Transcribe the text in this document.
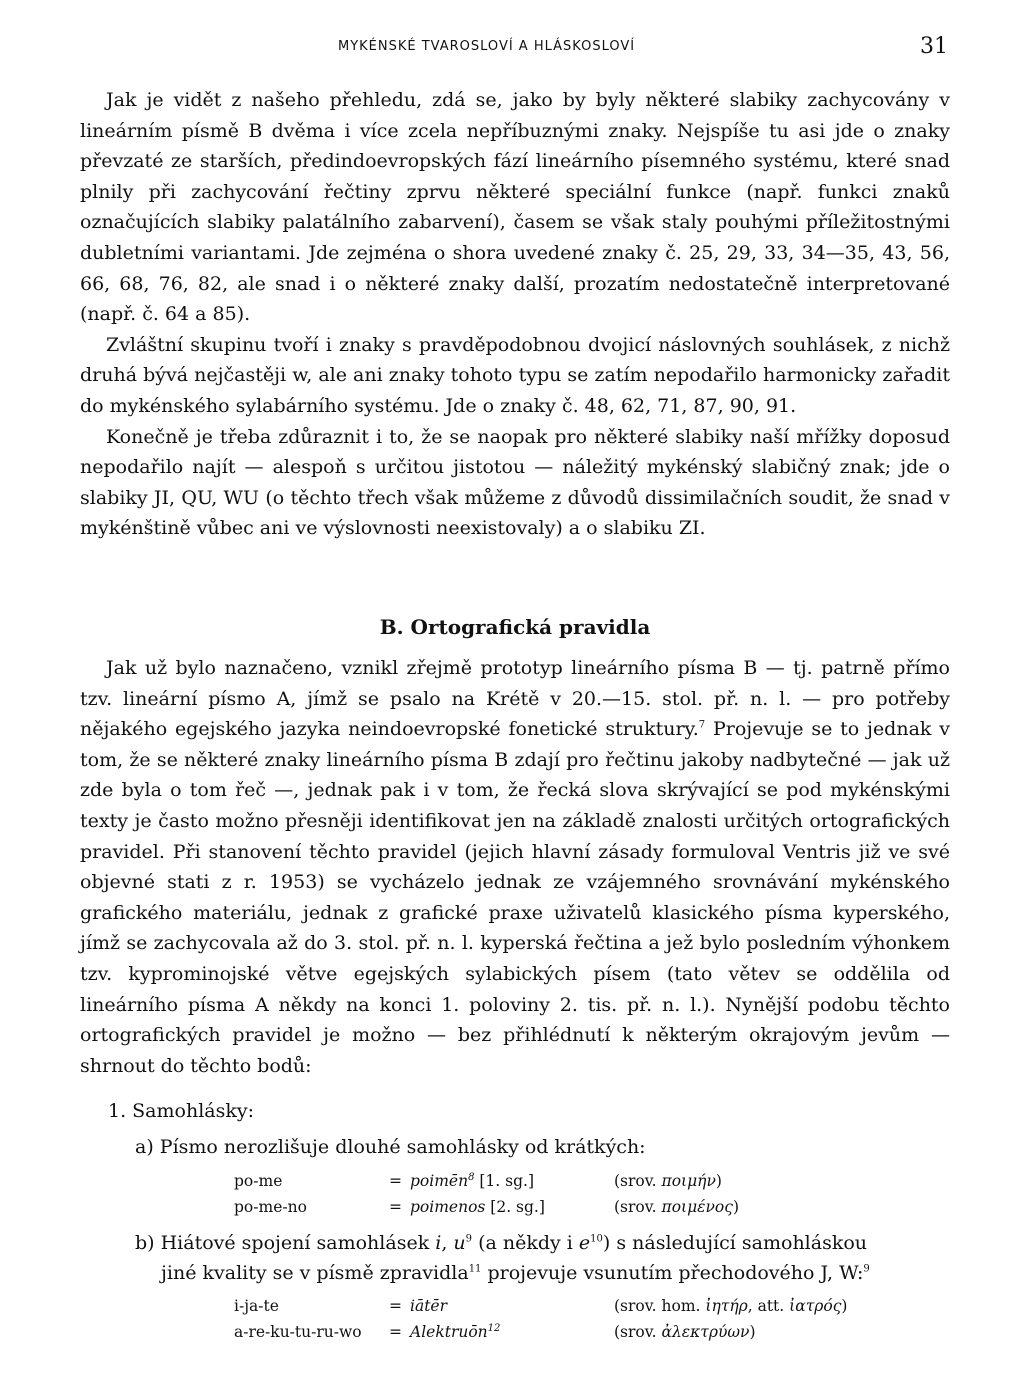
MYKÉNSKÉ TVAROSLOVÍ A HLÁSKOSLOVÍ	31

Jak je vidět z našeho přehledu, zdá se, jako by byly některé slabiky zachycovány v lineárním písmě B dvěma i více zcela nepříbuznými znaky. Nejspíše tu asi jde o znaky převzaté ze starších, předindoevropských fází lineárního písemného systému, které snad plnily při zachycování řečtiny zprvu některé speciální funkce (např. funkci znaků označujících slabiky palatálního zabarvení), časem se však staly pouhými příležitostnými dubletními variantami. Jde zejména o shora uvedené znaky č. 25, 29, 33, 34—35, 43, 56, 66, 68, 76, 82, ale snad i o některé znaky další, prozatím nedostatečně interpretované (např. č. 64 a 85).

Zvláštní skupinu tvoří i znaky s pravděpodobnou dvojicí náslovných souhlásek, z nichž druhá bývá nejčastěji w, ale ani znaky tohoto typu se zatím nepodařilo harmonicky zařadit do mykénského sylabárního systému. Jde o znaky č. 48, 62, 71, 87, 90, 91.

Konečně je třeba zdůraznit i to, že se naopak pro některé slabiky naší mřížky doposud nepodařilo najít — alespoň s určitou jistotou — náležitý mykénský slabičný znak; jde o slabiky JI, QU, WU (o těchto třech však můžeme z důvodů dissimilačních soudit, že snad v mykénštině vůbec ani ve výslovnosti neexistovaly) a o slabiku ZI.

B. Ortografická pravidla

Jak už bylo naznačeno, vznikl zřejmě prototyp lineárního písma B — tj. patrně přímo tzv. lineární písmo A, jímž se psalo na Krétě v 20.—15. stol. př. n. l. — pro potřeby nějakého egejského jazyka neindoevropské fonetické struktury.$^7$ Projevuje se to jednak v tom, že se některé znaky lineárního písma B zdají pro řečtinu jakoby nadbytečné — jak už zde byla o tom řeč —, jednak pak i v tom, že řecká slova skrývající se pod mykénskými texty je často možno přesněji identifikovat jen na základě znalosti určitých ortografických pravidel. Při stanovení těchto pravidel (jejich hlavní zásady formuloval Ventris již ve své objevné stati z r. 1953) se vycházelo jednak ze vzájemného srovnávání mykénského grafického materiálu, jednak z grafické praxe uživatelů klasického písma kyperského, jímž se zachycovala až do 3. stol. př. n. l. kyperská řečtina a jež bylo posledním výhonkem tzv. kyprominojské větve egejských sylabických písem (tato větev se oddělila od lineárního písma A někdy na konci 1. poloviny 2. tis. př. n. l.). Nynější podobu těchto ortografických pravidel je možno — bez přihlédnutí k některým okrajovým jevům — shrnout do těchto bodů:

1. Samohlásky:
a) Písmo nerozlišuje dlouhé samohlásky od krátkých:
po-me	= poimēn$^8$ [1. sg.]	(srov. ποιμήν)
po-me-no	= poimenos [2. sg.]	(srov. ποιμένος)
b) Hiátové spojení samohlásek i, $u^9$ (a někdy i $e^{10}$) s následující samohláskou
jiné kvality se v písmě zpravidla$^{11}$ projevuje vsunutím přechodového J, W:$^9$
i-ja-te	= iātēr	(srov. hom. ἰητήρ, att. ἰατρός)
a-re-ku-tu-ru-wo = Alektruōn$^{12}$	(srov. ἀλεκτρύων)
